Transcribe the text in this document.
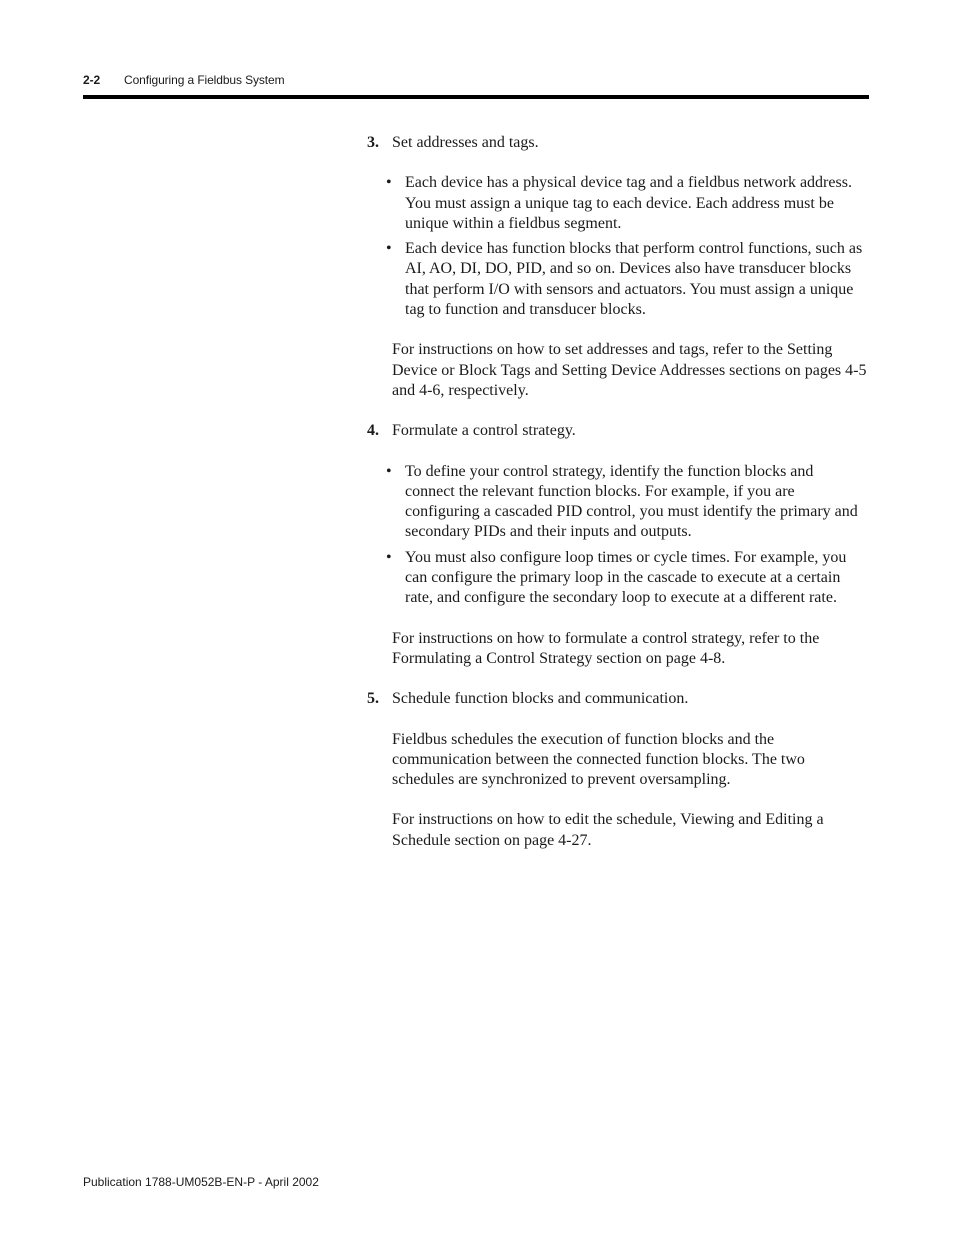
2-2 Configuring a Fieldbus System
3. Set addresses and tags.
• Each device has a physical device tag and a fieldbus network address. You must assign a unique tag to each device. Each address must be unique within a fieldbus segment.
• Each device has function blocks that perform control functions, such as AI, AO, DI, DO, PID, and so on. Devices also have transducer blocks that perform I/O with sensors and actuators. You must assign a unique tag to function and transducer blocks.

For instructions on how to set addresses and tags, refer to the Setting Device or Block Tags and Setting Device Addresses sections on pages 4-5 and 4-6, respectively.

4. Formulate a control strategy.
• To define your control strategy, identify the function blocks and connect the relevant function blocks. For example, if you are configuring a cascaded PID control, you must identify the primary and secondary PIDs and their inputs and outputs.
• You must also configure loop times or cycle times. For example, you can configure the primary loop in the cascade to execute at a certain rate, and configure the secondary loop to execute at a different rate.

For instructions on how to formulate a control strategy, refer to the Formulating a Control Strategy section on page 4-8.

5. Schedule function blocks and communication.

Fieldbus schedules the execution of function blocks and the communication between the connected function blocks. The two schedules are synchronized to prevent oversampling.

For instructions on how to edit the schedule, Viewing and Editing a Schedule section on page 4-27.

Publication 1788-UM052B-EN-P - April 2002
